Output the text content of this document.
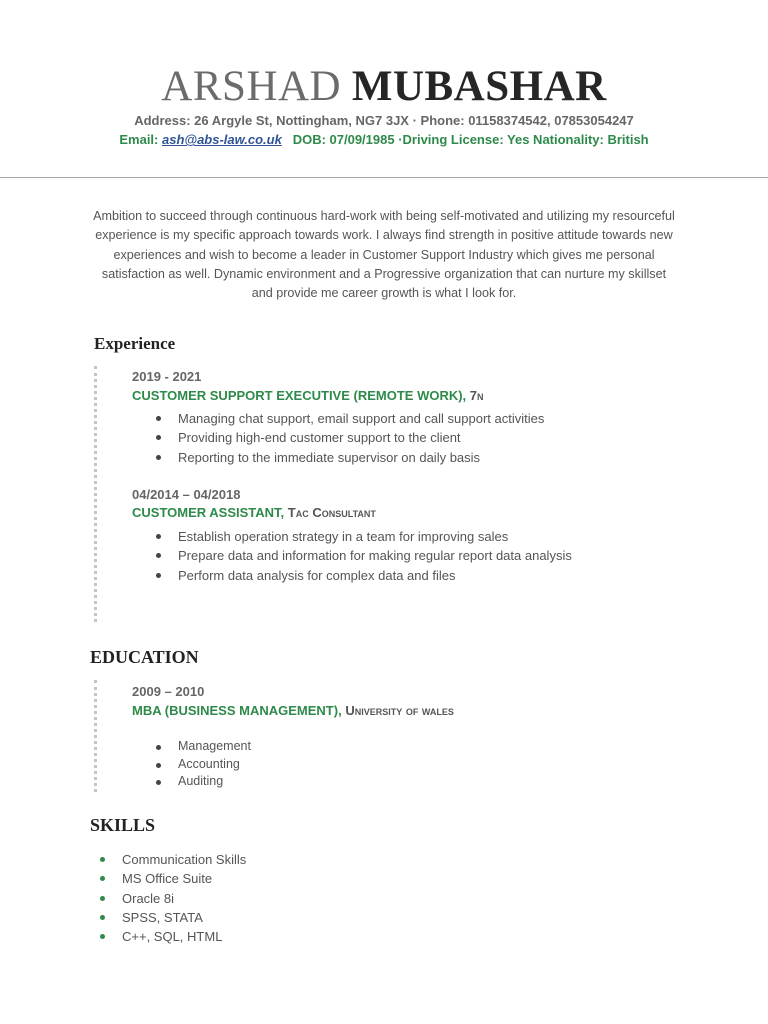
ARSHAD MUBASHAR
Address: 26 Argyle St, Nottingham, NG7 3JX · Phone: 01158374542, 07853054247
Email: ash@abs-law.co.uk DOB: 07/09/1985 ·Driving License: Yes Nationality: British
Ambition to succeed through continuous hard-work with being self-motivated and utilizing my resourceful experience is my specific approach towards work. I always find strength in positive attitude towards new experiences and wish to become a leader in Customer Support Industry which gives me personal satisfaction as well. Dynamic environment and a Progressive organization that can nurture my skillset and provide me career growth is what I look for.
Experience
2019 - 2021
CUSTOMER SUPPORT EXECUTIVE (REMOTE WORK), 7n
Managing chat support, email support and call support activities
Providing high-end customer support to the client
Reporting to the immediate supervisor on daily basis
04/2014 – 04/2018
CUSTOMER ASSISTANT, Tac Consultant
Establish operation strategy in a team for improving sales
Prepare data and information for making regular report data analysis
Perform data analysis for complex data and files
EDUCATION
2009 – 2010
MBA (BUSINESS MANAGEMENT), University of wales
Management
Accounting
Auditing
SKILLS
Communication Skills
MS Office Suite
Oracle 8i
SPSS, STATA
C++, SQL, HTML
